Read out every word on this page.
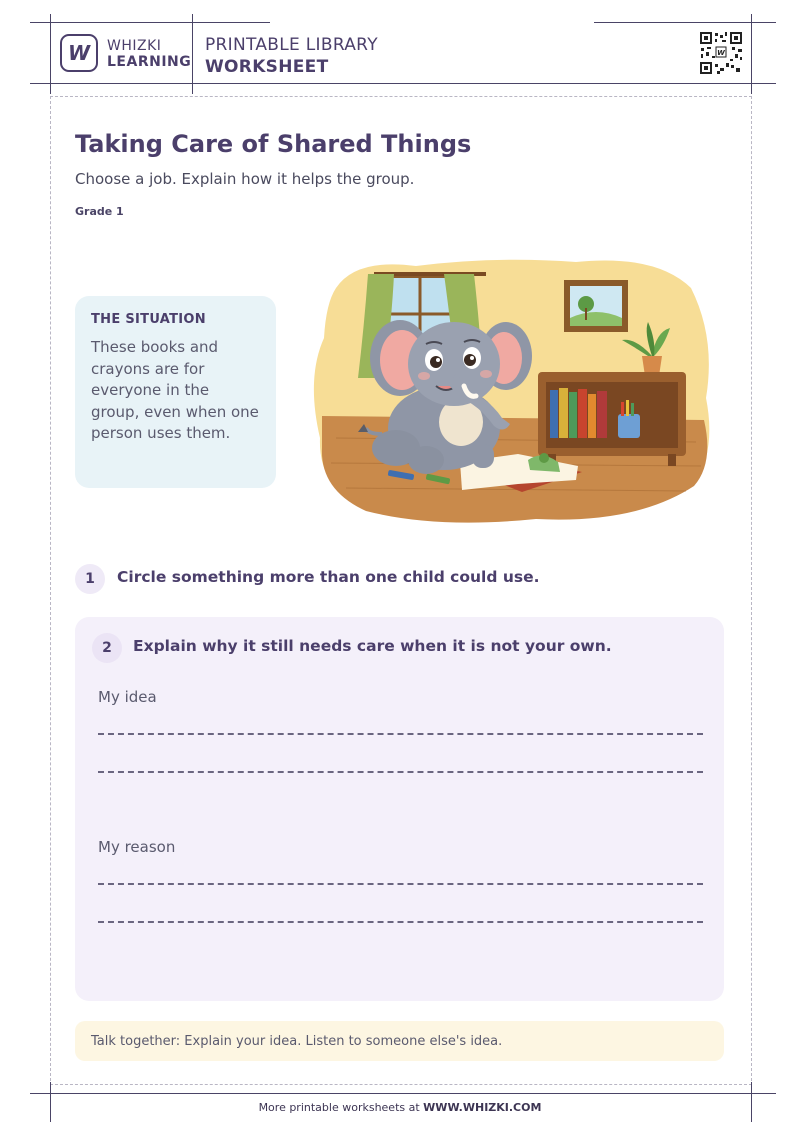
W WHIZKI
LEARNING
PRINTABLE LIBRARY
WORKSHEET
W
Taking Care of Shared Things
Choose a job. Explain how it helps the group.
Grade 1
THE SITUATION
These books and crayons are for everyone in the group, even when one person uses them.
1	Circle something more than one child could use.
2	Explain why it still needs care when it is not your own.
My idea
My reason
Talk together: Explain your idea. Listen to someone else's idea.
More printable worksheets at WWW.WHIZKI.COM
